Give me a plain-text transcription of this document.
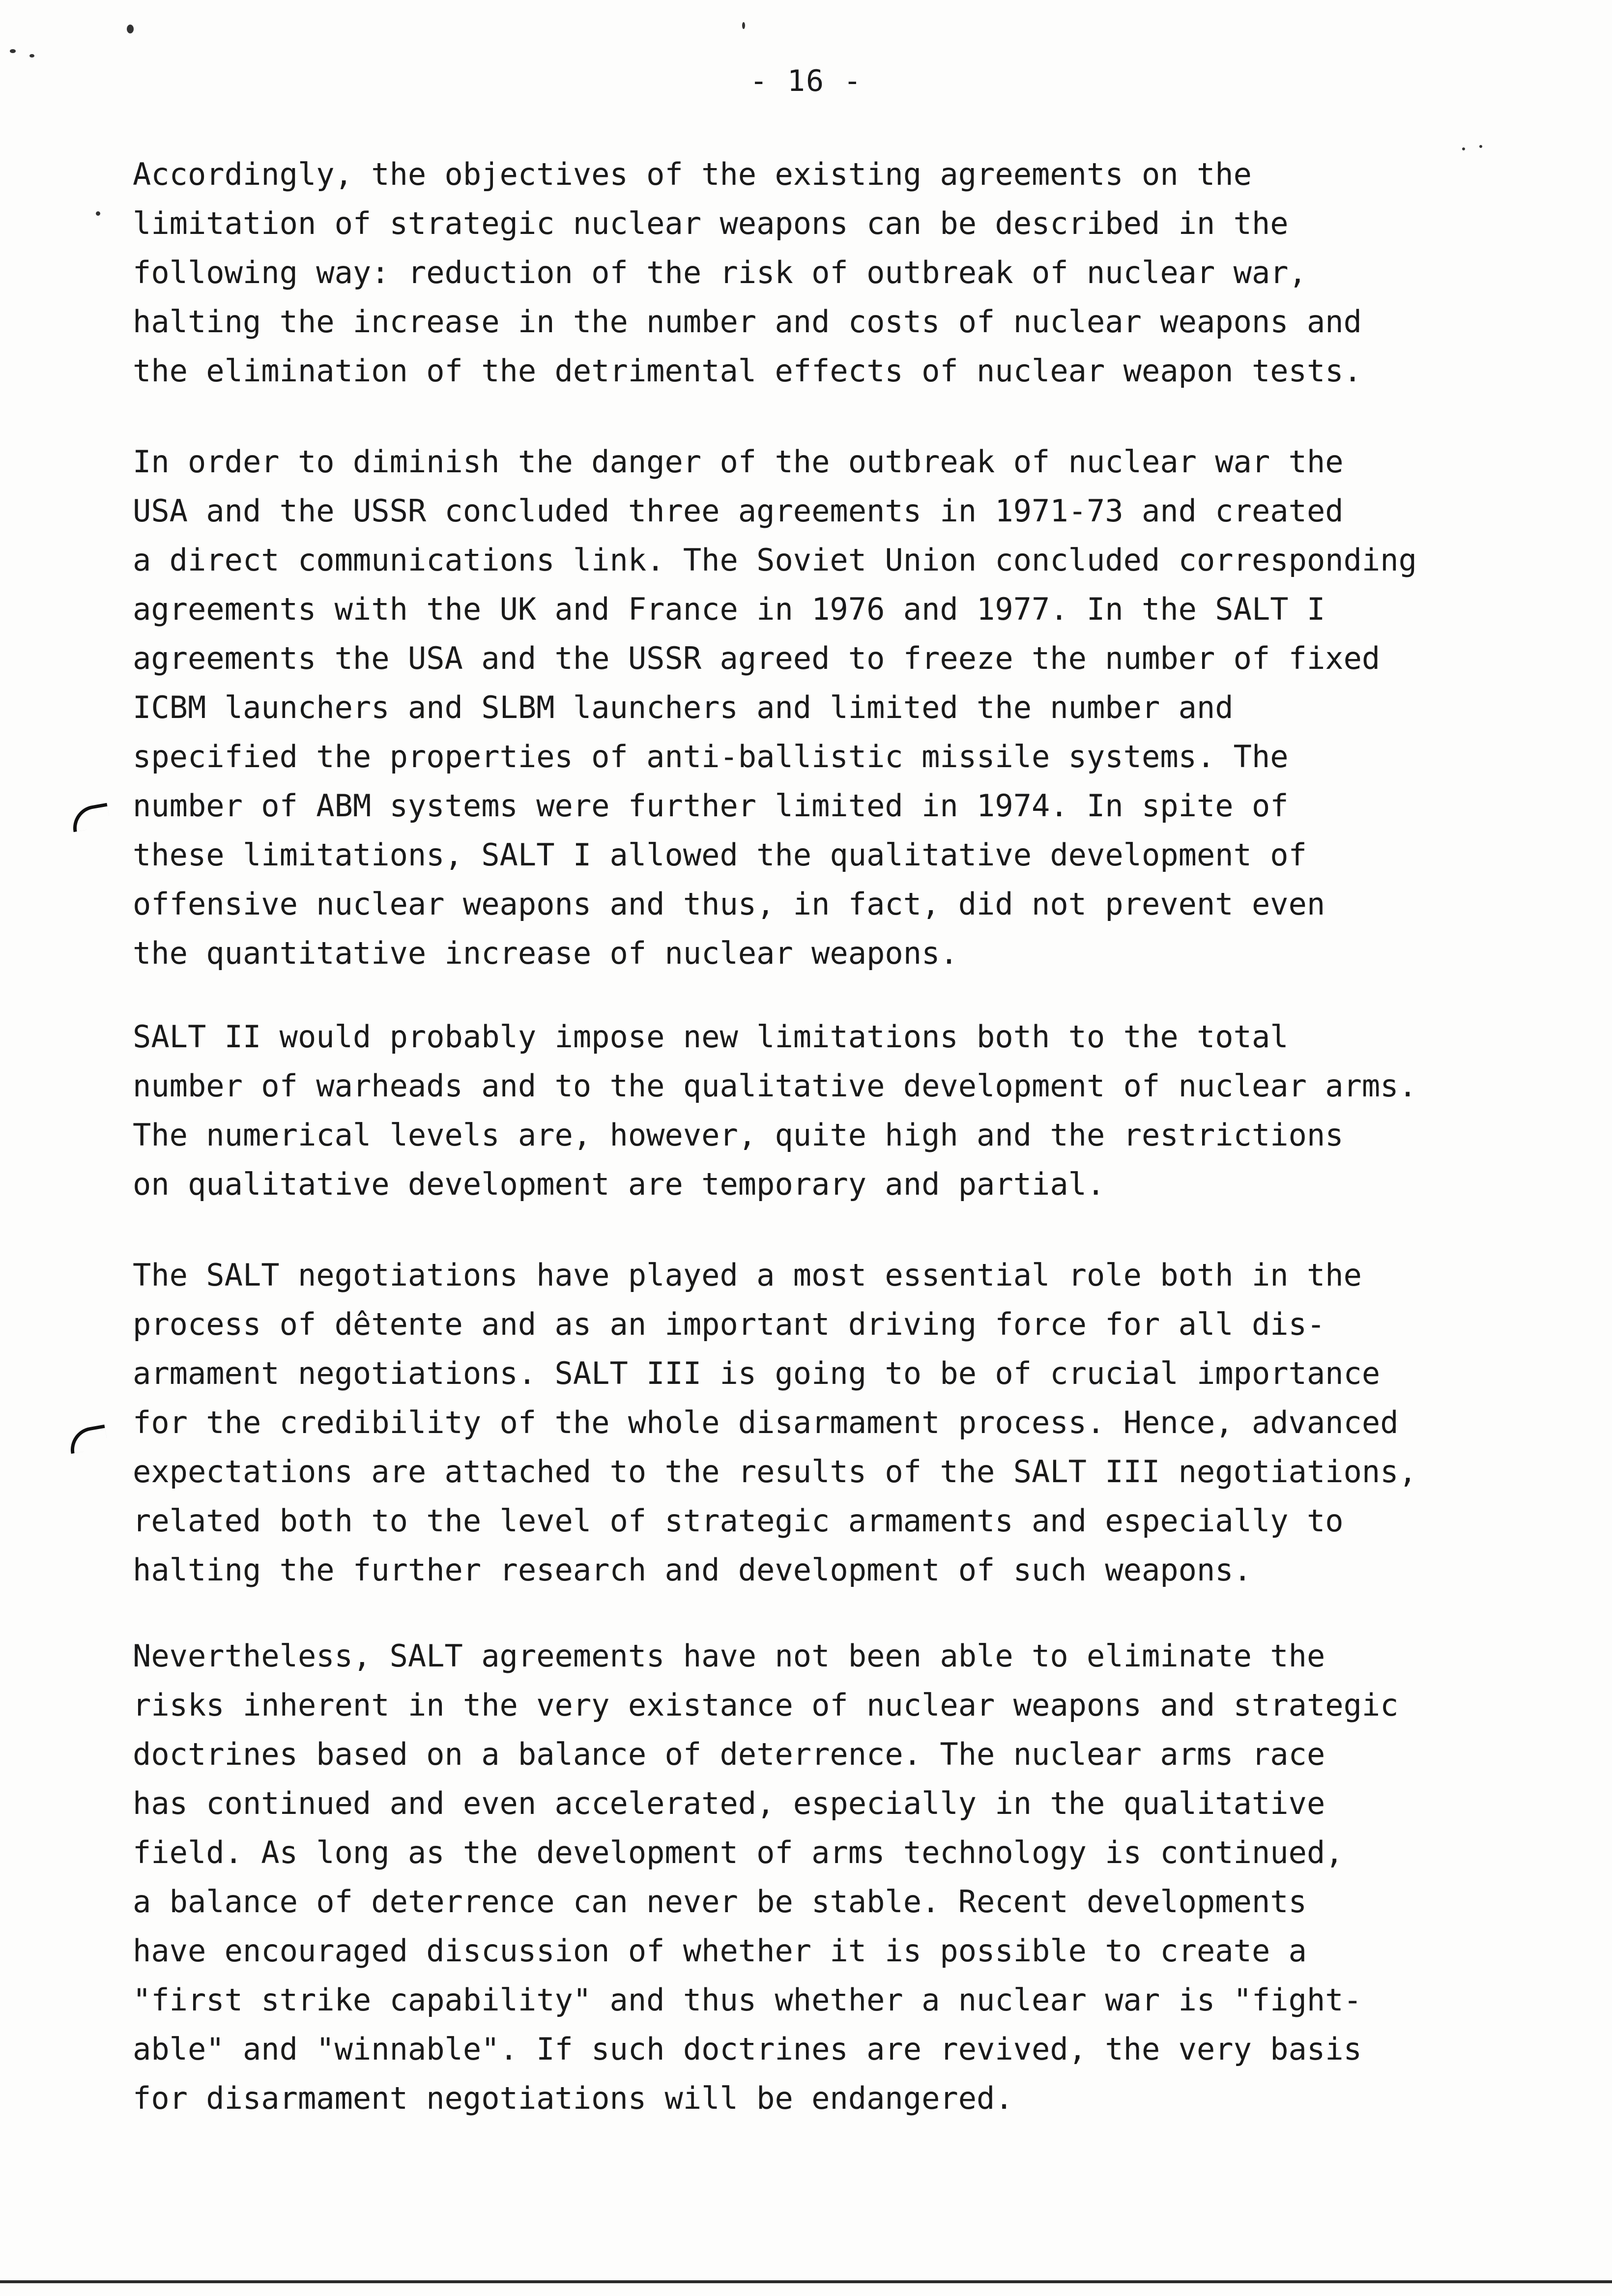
- 16 -
Accordingly, the objectives of the existing agreements on the
limitation of strategic nuclear weapons can be described in the
following way: reduction of the risk of outbreak of nuclear war,
halting the increase in the number and costs of nuclear weapons and
the elimination of the detrimental effects of nuclear weapon tests.
In order to diminish the danger of the outbreak of nuclear war the
USA and the USSR concluded three agreements in 1971-73 and created
a direct communications link. The Soviet Union concluded corresponding
agreements with the UK and France in 1976 and 1977. In the SALT I
agreements the USA and the USSR agreed to freeze the number of fixed
ICBM launchers and SLBM launchers and limited the number and
specified the properties of anti-ballistic missile systems. The
number of ABM systems were further limited in 1974. In spite of
these limitations, SALT I allowed the qualitative development of
offensive nuclear weapons and thus, in fact, did not prevent even
the quantitative increase of nuclear weapons.
SALT II would probably impose new limitations both to the total
number of warheads and to the qualitative development of nuclear arms.
The numerical levels are, however, quite high and the restrictions
on qualitative development are temporary and partial.
The SALT negotiations have played a most essential role both in the
process of dêtente and as an important driving force for all dis-
armament negotiations. SALT III is going to be of crucial importance
for the credibility of the whole disarmament process. Hence, advanced
expectations are attached to the results of the SALT III negotiations,
related both to the level of strategic armaments and especially to
halting the further research and development of such weapons.
Nevertheless, SALT agreements have not been able to eliminate the
risks inherent in the very existance of nuclear weapons and strategic
doctrines based on a balance of deterrence. The nuclear arms race
has continued and even accelerated, especially in the qualitative
field. As long as the development of arms technology is continued,
a balance of deterrence can never be stable. Recent developments
have encouraged discussion of whether it is possible to create a
"first strike capability" and thus whether a nuclear war is "fight-
able" and "winnable". If such doctrines are revived, the very basis
for disarmament negotiations will be endangered.
